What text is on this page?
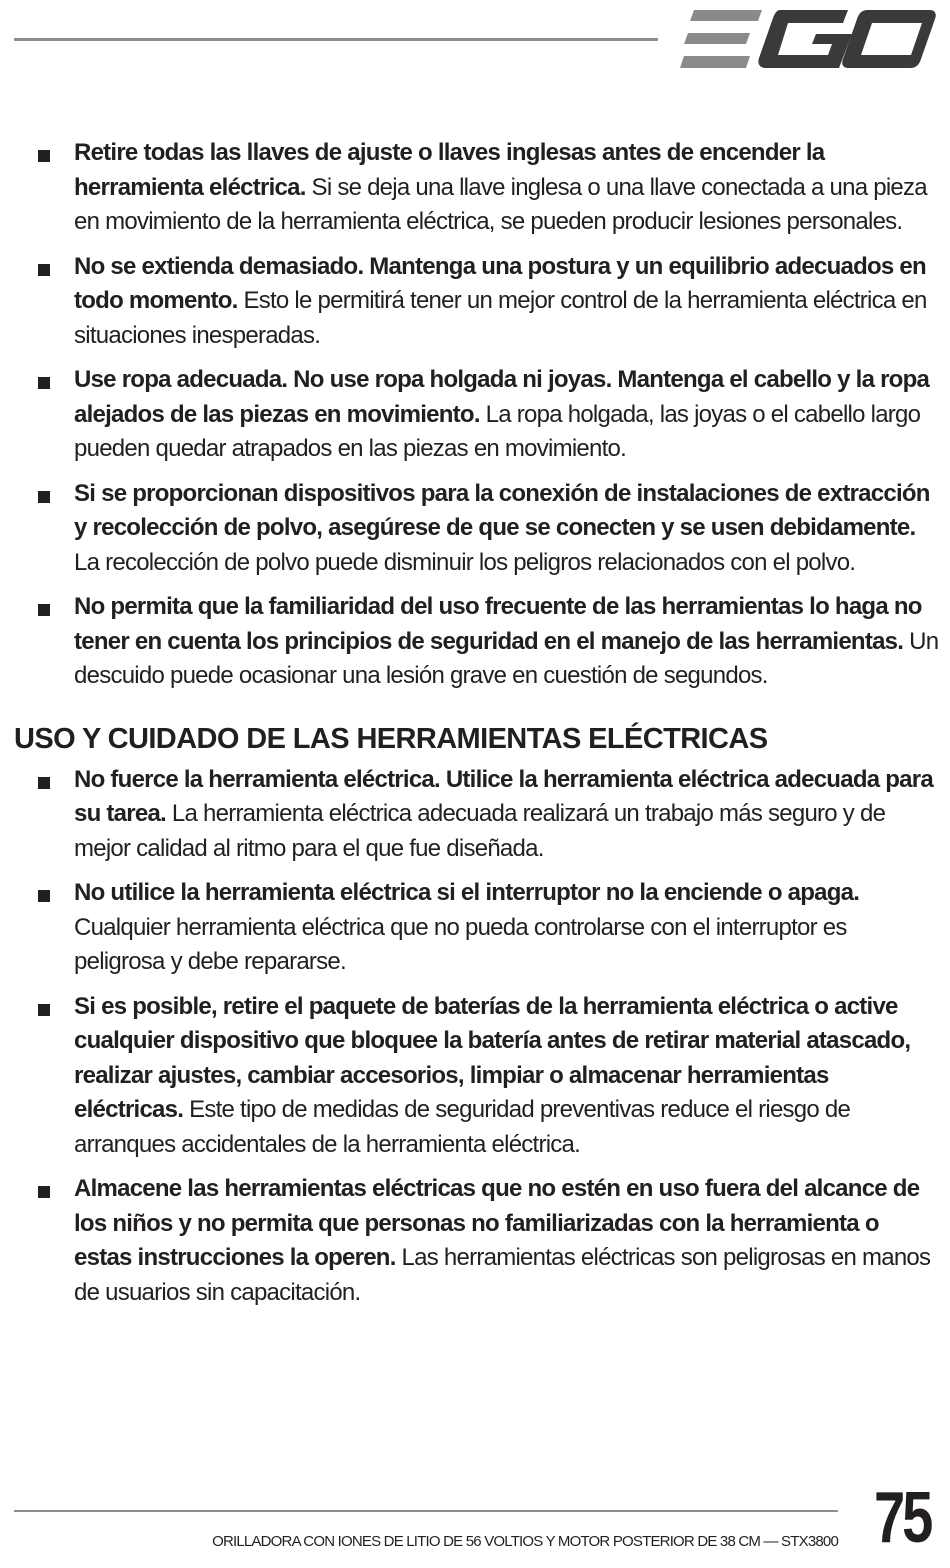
Retire todas las llaves de ajuste o llaves inglesas antes de encender la herramienta eléctrica. Si se deja una llave inglesa o una llave conectada a una pieza en movimiento de la herramienta eléctrica, se pueden producir lesiones personales.
No se extienda demasiado. Mantenga una postura y un equilibrio adecuados en todo momento. Esto le permitirá tener un mejor control de la herramienta eléctrica en situaciones inesperadas.
Use ropa adecuada. No use ropa holgada ni joyas. Mantenga el cabello y la ropa alejados de las piezas en movimiento. La ropa holgada, las joyas o el cabello largo pueden quedar atrapados en las piezas en movimiento.
Si se proporcionan dispositivos para la conexión de instalaciones de extracción y recolección de polvo, asegúrese de que se conecten y se usen debidamente. La recolección de polvo puede disminuir los peligros relacionados con el polvo.
No permita que la familiaridad del uso frecuente de las herramientas lo haga no tener en cuenta los principios de seguridad en el manejo de las herramientas. Un descuido puede ocasionar una lesión grave en cuestión de segundos.
USO Y CUIDADO DE LAS HERRAMIENTAS ELÉCTRICAS
No fuerce la herramienta eléctrica. Utilice la herramienta eléctrica adecuada para su tarea. La herramienta eléctrica adecuada realizará un trabajo más seguro y de mejor calidad al ritmo para el que fue diseñada.
No utilice la herramienta eléctrica si el interruptor no la enciende o apaga. Cualquier herramienta eléctrica que no pueda controlarse con el interruptor es peligrosa y debe repararse.
Si es posible, retire el paquete de baterías de la herramienta eléctrica o active cualquier dispositivo que bloquee la batería antes de retirar material atascado, realizar ajustes, cambiar accesorios, limpiar o almacenar herramientas eléctricas. Este tipo de medidas de seguridad preventivas reduce el riesgo de arranques accidentales de la herramienta eléctrica.
Almacene las herramientas eléctricas que no estén en uso fuera del alcance de los niños y no permita que personas no familiarizadas con la herramienta o estas instrucciones la operen. Las herramientas eléctricas son peligrosas en manos de usuarios sin capacitación.
ORILLADORA CON IONES DE LITIO DE 56 VOLTIOS Y MOTOR POSTERIOR DE 38 CM — STX3800 75
